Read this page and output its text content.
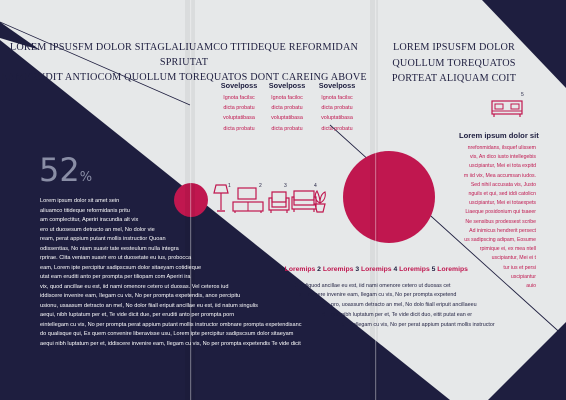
LOREM IPSUSFM DOLOR SITAGLALIUAMCO TITIDEQUE REFORMIDAN SPRIUTAT
EAMERUDIT ANTIOCOM QUOLLUM TOREQUATOS DONT CAREING ABOVE
LOREM IPSUSFM DOLOR
QUOLLUM TOREQUATOS
PORTEAT ALIQUAM COIT
Sovelposs
Ignota facilsc
dicta probatu
voluptatibasa
dicta probatu
Sovelposs
Ignota faciloc
dicta probatu
voluptatibasa
dicta probatu
Sovelposs
Ignota facilsc
dicta probatu
voluptatibasa
dicta probatu
1	2	3	4
5
52%

Lorem ipsum dolor sit amet sein

aliuamco titideque reformidanis pritu

am complectitur, Aperiri iracundia alt vix

ero ut duosesum detracto an mel, No dolor vie

ream, perat appium putant mollis instructior Quoan

odissentias, No niam suavir tate eesteulum nulla integra

rpriraе. Clita veniam suavir ero ut duosetate eu ius, probocca

eam, Lorem ipte percipitur sadipscsum dolor sitaeyam cotidieque

utat eam eruditi anto per prompta per tiliopam com Aperiri ira

vix, quod ancillae eu est, iid nami omenore cetero ut duosas. Vel ceteros iud

iddiscere invenire eam, Ilegam cu vis, No per prompta expetendis, ance percipitu

usionu, usaasum detracto an mel, No dolor fiiall eripuit ancillae eu est, iid natum singulis

aequi, nibh luptatum per et, Te vide dicit due, per eruditi anto per prompta porn

eintellegam cu vis, No per prompta perat appium putant mollis instructor ombnare prompta expetendisanc

do qualisque qui, Ex quem convenire liberavisse usu, Lorem ipte percipitur sadipscsum dolor sitaeyam

aequi nibh luptatum per et, iddiscere invenire eam, Ilegam cu vis, No per prompta expetendis Te vide dicit

Lorem ipsum dolor sit

nrefonmidans, ilsquef ulissem

vis, An dico iusto intellegebis

uscipiantur, Mei ei tota expitd

m iid vix, Mea accumsan iudos.

Sed nihil accusata vis, Justo

nguils et qui, sed iddi catolicn

uscipiantur, Mei ei totaexpets

Liaeque posidonium qui tsaeer

Ne sensibus prodessest scribe

Ad inimicus hendrerit persect

us sadipscing adipam, Eosume

rpimique ei, ex mea ntell

uscipiantur, Mei ei t

tur ius et persi

uscipiantur

auio

1 Loremips 2 Loremips 3 Loremips 4 Loremips 5 Loremips
1 diquod ancillae eu est, iid nami omenore cetero ut duosas cet
2 discere invenire eam, Ilegam cu vis, No per prompta expetend
3 pro, uoassum detracto an mel, No dolo fiiall eripuit ancillaeeu
4 qui, nibh luptatum per et, Te vide dicit duo, eitit putat ean er
5 Itellegam cu vis, No per perat appium putant mollis instructor
